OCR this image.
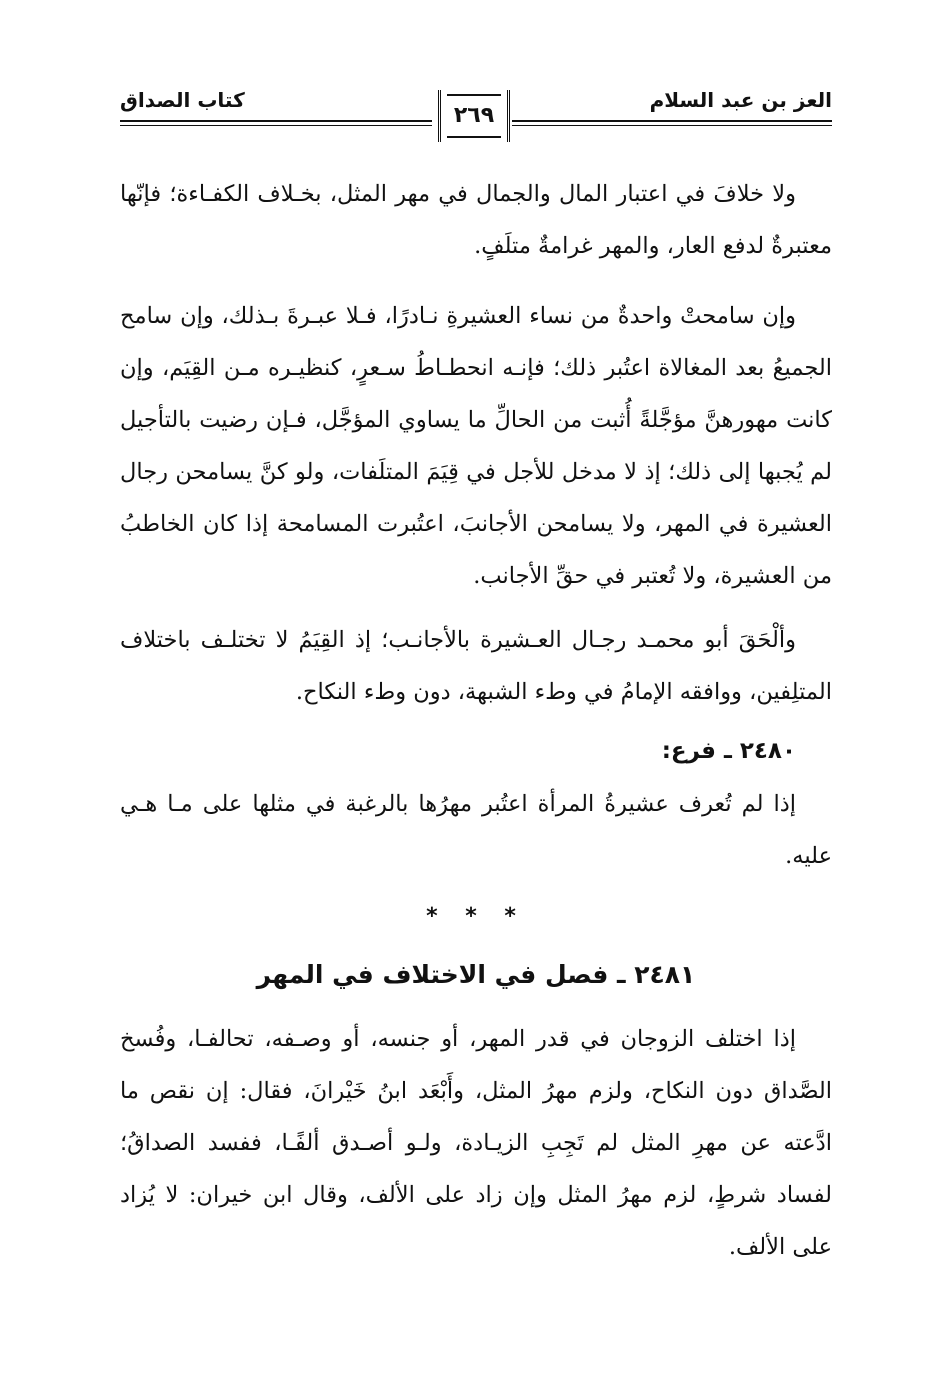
كتاب الصداق
٢٦٩
العز بن عبد السلام

ولا خلافَ في اعتبار المال والجمال في مهر المثل، بخـلاف الكفـاءة؛ فإنّها معتبرةٌ لدفع العار، والمهر غرامةٌ متلَفٍ.

وإن سامحتْ واحدةٌ من نساء العشيرةِ نـادرًا، فـلا عبـرةَ بـذلك، وإن سامح الجميعُ بعد المغالاة اعتُبر ذلك؛ فإنـه انحطـاطُ سـعرٍ، كنظيـره مـن القِيَم، وإن كانت مهورهنَّ مؤجَّلةً أُثبت من الحالِّ ما يساوي المؤجَّل، فـإن رضيت بالتأجيل لم يُجبها إلى ذلك؛ إذ لا مدخل للأجل في قِيَمَ المتلَفات، ولو كنَّ يسامحن رجال العشيرة في المهر، ولا يسامحن الأجانبَ، اعتُبرت المسامحة إذا كان الخاطبُ من العشيرة، ولا تُعتبر في حقِّ الأجانب.

وألْحَقَ أبو محمـد رجـال العـشيرة بالأجانـب؛ إذ القِيَمُ لا تختلـف باختلاف المتلِفين، ووافقه الإمامُ في وطء الشبهة، دون وطء النكاح.

٢٤٨٠ ـ فرع:

إذا لم تُعرف عشيرةُ المرأة اعتُبر مهرُها بالرغبة في مثلها على مـا هـي عليه.

* * *
٢٤٨١ ـ فصل في الاختلاف في المهر

إذا اختلف الزوجان في قدر المهر، أو جنسه، أو وصـفه، تحالفـا، وفُسخ الصَّداق دون النكاح، ولزم مهرُ المثل، وأَبْعَد ابنُ خَيْرانَ، فقال: إن نقص ما ادَّعته عن مهرِ المثل لم تَجِبِ الزيـادة، ولـو أصـدق ألفًـا، ففسد الصداقُ؛ لفساد شرطٍ، لزم مهرُ المثل وإن زاد على الألف، وقال ابن خيران: لا يُزاد على الألف.
